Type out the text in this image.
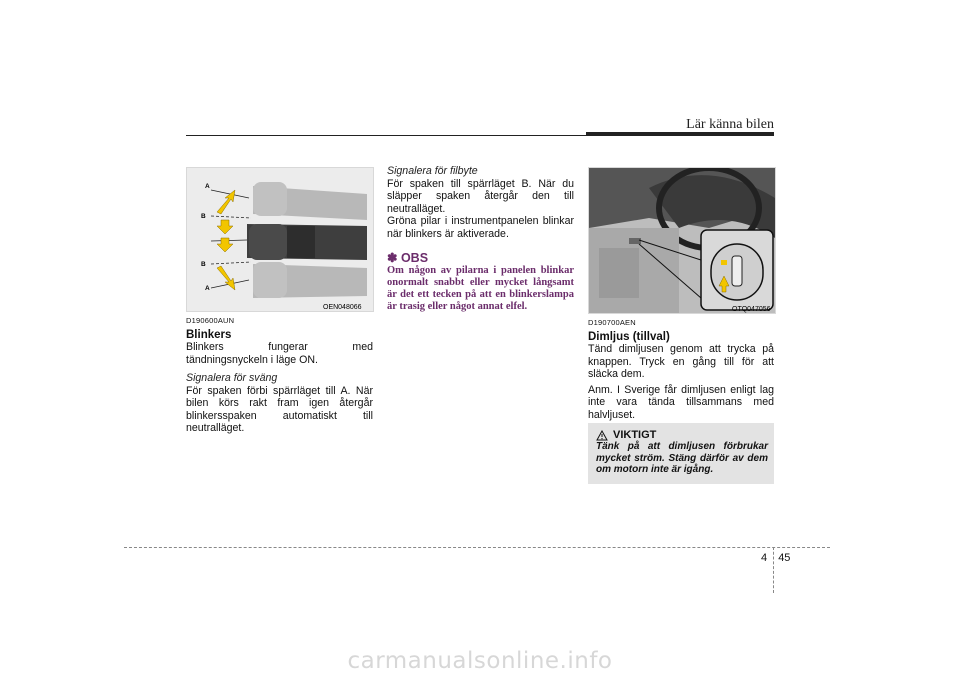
Lär känna bilen
A
B
B
A
OEN048066
D190600AUN
Blinkers

Blinkers fungerar med tändningsnyckeln i läge ON.

Signalera för sväng

För spaken förbi spärrläget till A. När bilen körs rakt fram igen återgår blinkersspaken automatiskt till neutralläget.

Signalera för filbyte

För spaken till spärrläget B. När du släpper spaken återgår den till neutralläget.

Gröna pilar i instrumentpanelen blinkar när blinkers är aktiverade.

✽ OBS
Om någon av pilarna i panelen blinkar onormalt snabbt eller mycket långsamt är det ett tecken på att en blinkerslampa är trasig eller något annat elfel.	OTQ047056
D190700AEN
Dimljus (tillval)

Tänd dimljusen genom att trycka på knappen. Tryck en gång till för att släcka dem.

Anm. I Sverige får dimljusen enligt lag inte vara tända tillsammans med halvljuset.

VIKTIGT
Tänk på att dimljusen förbrukar mycket ström. Stäng därför av dem om motorn inte är igång.
4 45
carmanualsonline.info
